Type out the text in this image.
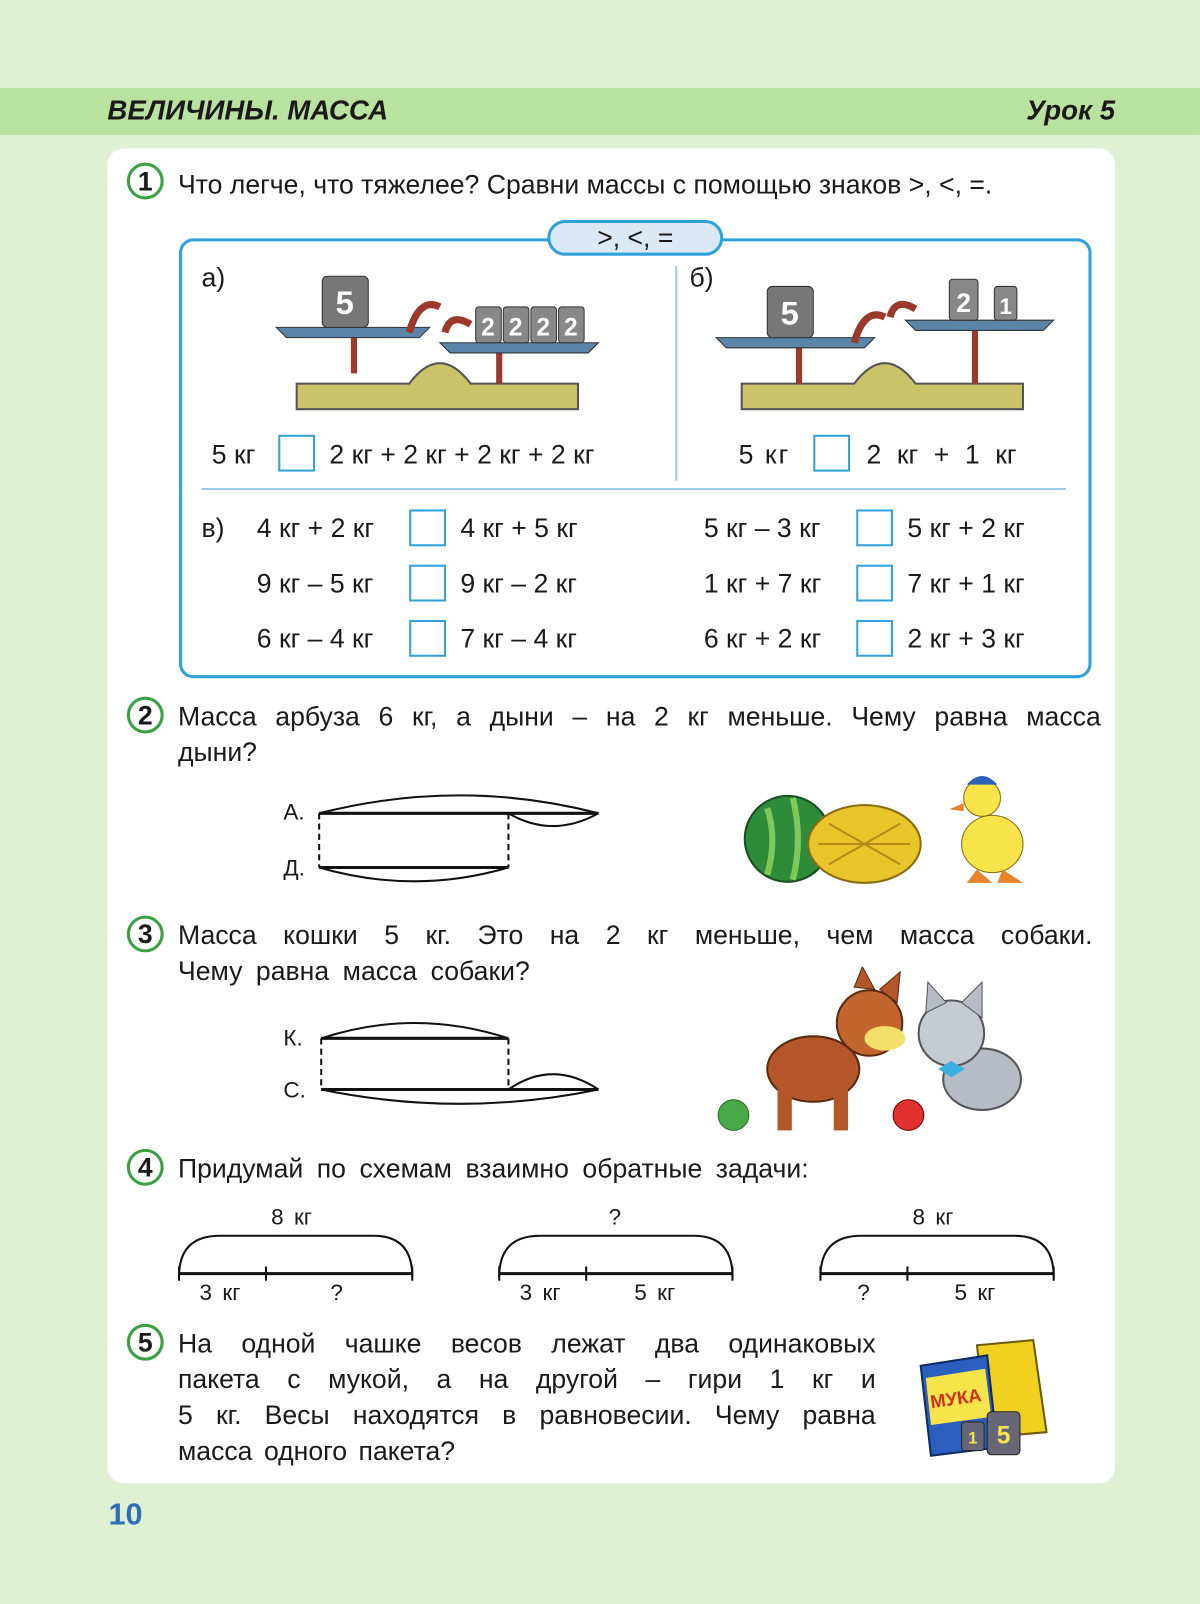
ВЕЛИЧИНЫ. МАССА	Урок 5
1 Что легче, что тяжелее? Сравни массы с помощью знаков >, <, =.
>, <, =
а)	б)
5
2 2 2 2	5	2 1
5 кг	2 кг + 2 кг + 2 кг + 2 кг	5 кг	2 кг + 1 кг
в) 4 кг + 2 кг	4 кг + 5 кг	5 кг – 3 кг	5 кг + 2 кг
9 кг – 5 кг	9 кг – 2 кг	1 кг + 7 кг	7 кг + 1 кг
6 кг – 4 кг	7 кг – 4 кг	6 кг + 2 кг	2 кг + 3 кг
2 Масса арбуза 6 кг, а дыни – на 2 кг меньше. Чему равна масса
дыни?
А.
Д.
3 Масса кошки 5 кг. Это на 2 кг меньше, чем масса собаки.
Чему равна масса собаки?
К.
С.
4 Придумай по схемам взаимно обратные задачи:
8 кг
3 кг	?
?
3 кг	5 кг
8 кг
?	5 кг
5 На одной чашке весов лежат два одинаковых
пакета с мукой, а на другой – гири 1 кг и
5 кг. Весы находятся в равновесии. Чему равна
масса одного пакета?
МУКА
1 5
10
